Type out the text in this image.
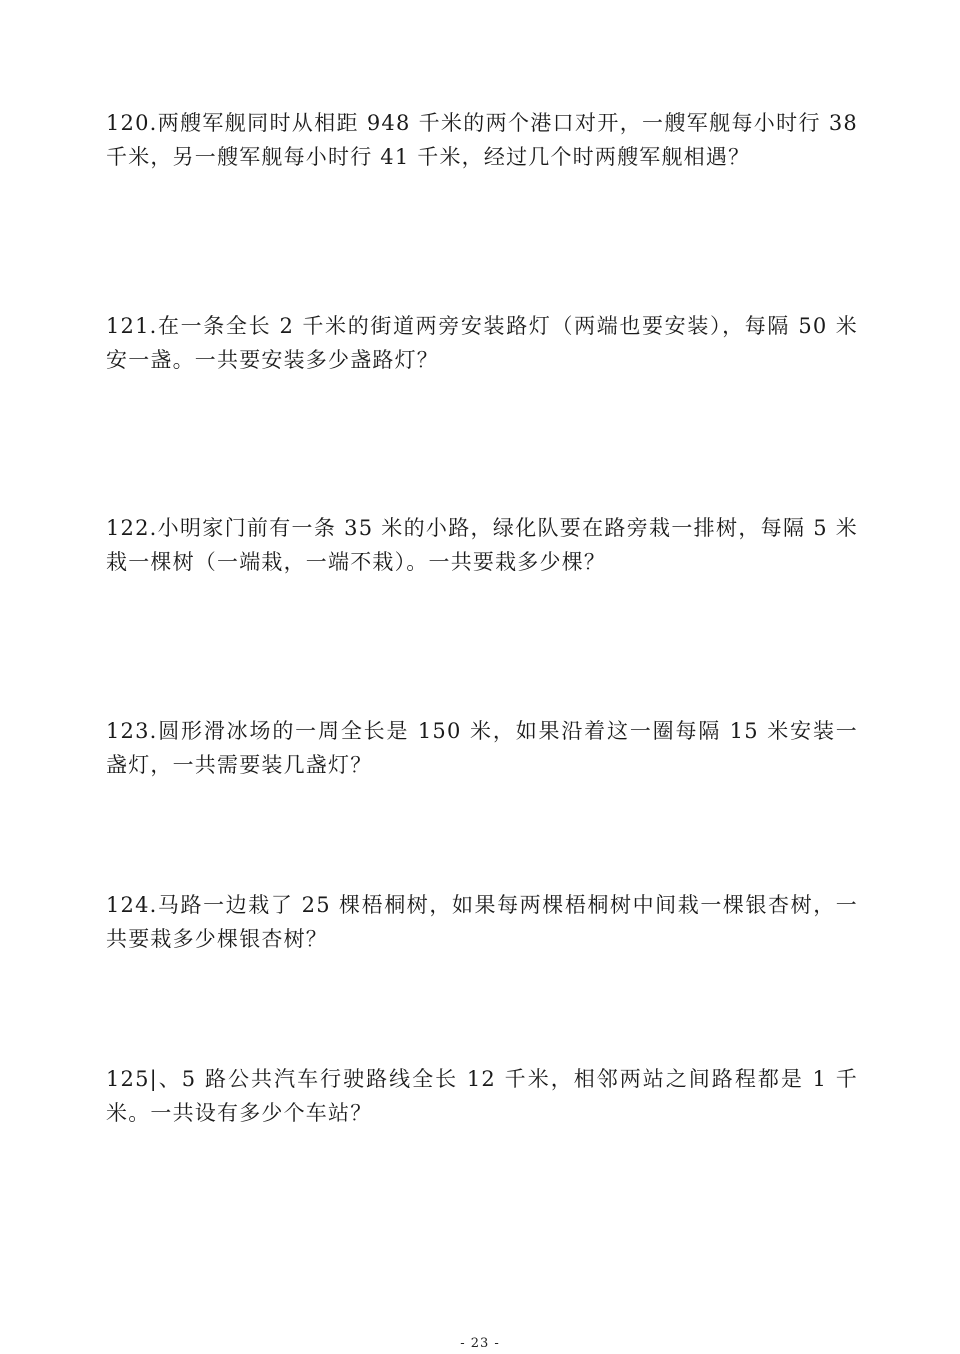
120.两艘军舰同时从相距 948 千米的两个港口对开，一艘军舰每小时行 38 千米，另一艘军舰每小时行 41 千米，经过几个时两艘军舰相遇？

121.在一条全长 2 千米的街道两旁安装路灯（两端也要安装），每隔 50 米安一盏。一共要安装多少盏路灯？

122.小明家门前有一条 35 米的小路，绿化队要在路旁栽一排树，每隔 5 米栽一棵树（一端栽，一端不栽）。一共要栽多少棵？

123.圆形滑冰场的一周全长是 150 米，如果沿着这一圈每隔 15 米安装一盏灯，一共需要装几盏灯？

124.马路一边栽了 25 棵梧桐树，如果每两棵梧桐树中间栽一棵银杏树，一共要栽多少棵银杏树？

125|、5 路公共汽车行驶路线全长 12 千米，相邻两站之间路程都是 1 千米。一共设有多少个车站？

- 23 -
